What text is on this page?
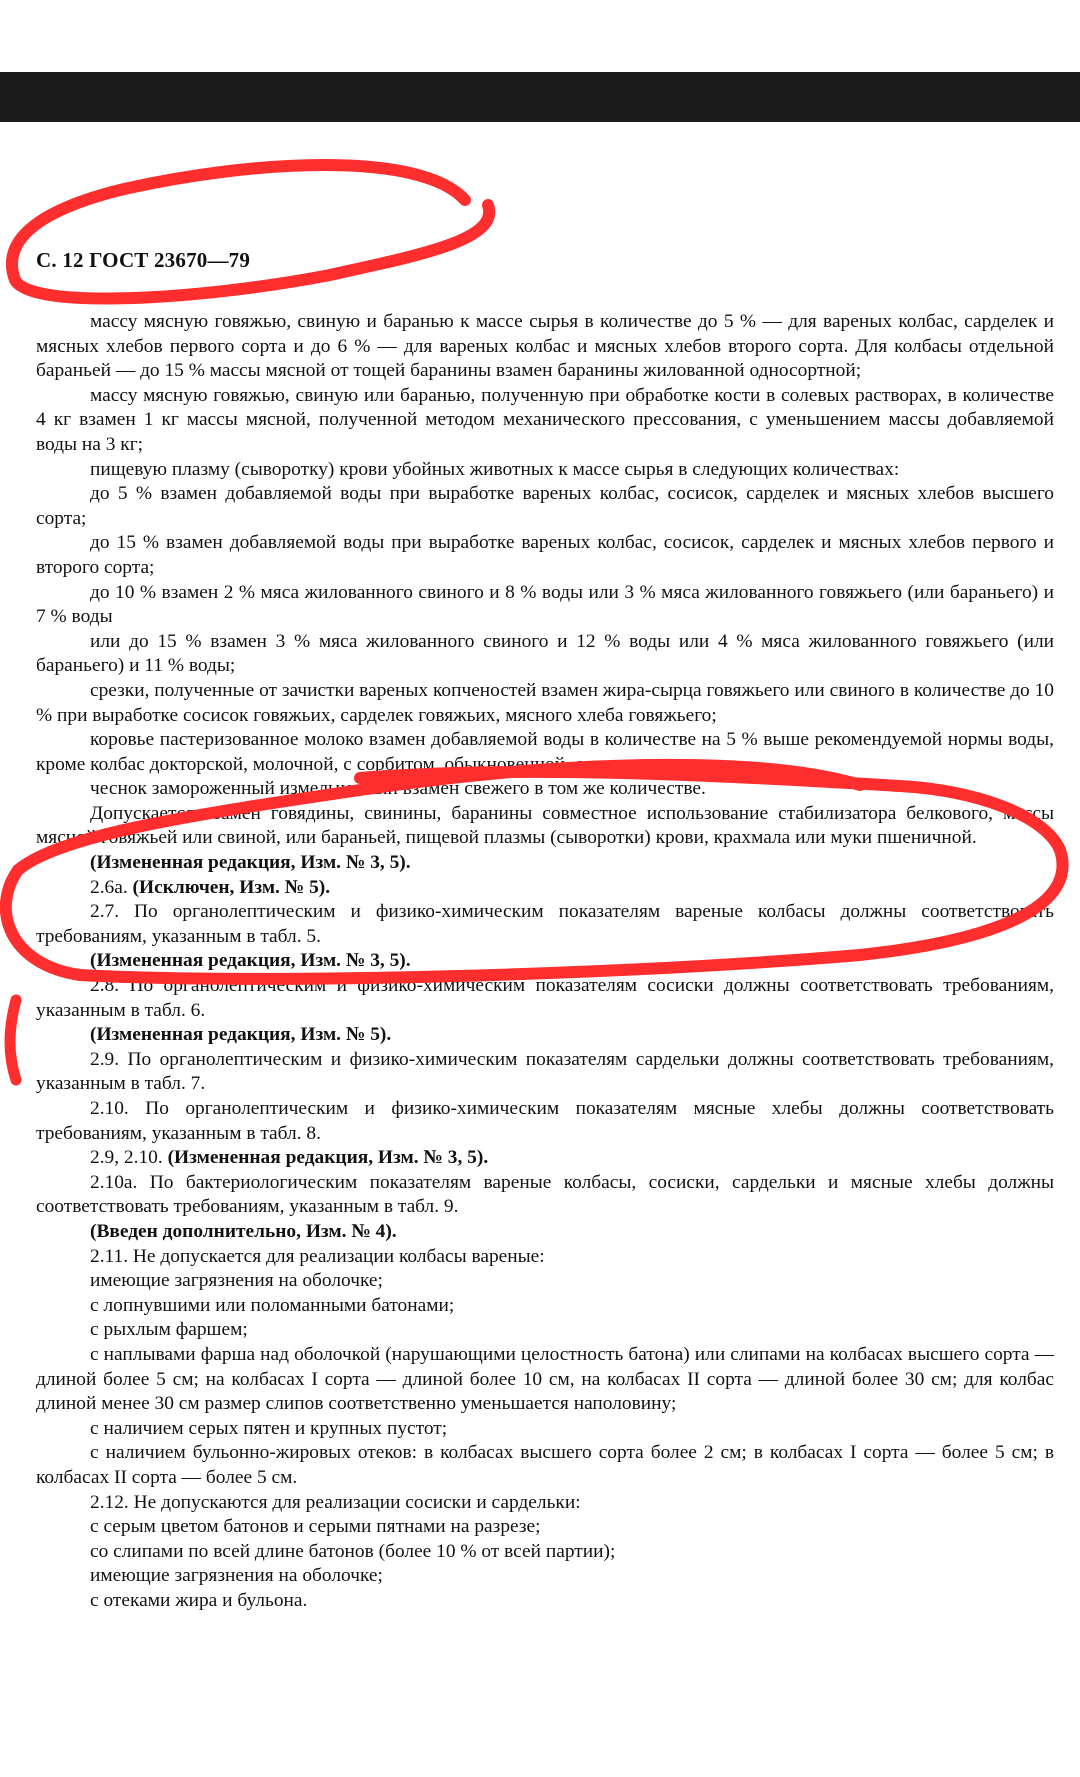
С. 12 ГОСТ 23670—79

массу мясную говяжью, свиную и баранью к массе сырья в количестве до 5 % — для вареных колбас, сарделек и мясных хлебов первого сорта и до 6 % — для вареных колбас и мясных хлебов второго сорта. Для колбасы отдельной бараньей — до 15 % массы мясной от тощей баранины взамен баранины жилованной односортной;

массу мясную говяжью, свиную или баранью, полученную при обработке кости в солевых растворах, в количестве 4 кг взамен 1 кг массы мясной, полученной методом механического прессования, с уменьшением массы добавляемой воды на 3 кг;

пищевую плазму (сыворотку) крови убойных животных к массе сырья в следующих количествах:

до 5 % взамен добавляемой воды при выработке вареных колбас, сосисок, сарделек и мясных хлебов высшего сорта;

до 15 % взамен добавляемой воды при выработке вареных колбас, сосисок, сарделек и мясных хлебов первого и второго сорта;

до 10 % взамен 2 % мяса жилованного свиного и 8 % воды или 3 % мяса жилованного говяжьего (или бараньего) и 7 % воды

или до 15 % взамен 3 % мяса жилованного свиного и 12 % воды или 4 % мяса жилованного говяжьего (или бараньего) и 11 % воды;

срезки, полученные от зачистки вареных копченостей взамен жира-сырца говяжьего или свиного в количестве до 10 % при выработке сосисок говяжьих, сарделек говяжьих, мясного хлеба говяжьего;

коровье пастеризованное молоко взамен добавляемой воды в количестве на 5 % выше рекомендуемой нормы воды, кроме колбас докторской, молочной, с сорбитом, обыкновенной, сосисок молочных;

чеснок замороженный измельченный взамен свежего в том же количестве.

Допускается взамен говядины, свинины, баранины совместное использование стабилизатора белкового, массы мясной говяжьей или свиной, или бараньей, пищевой плазмы (сыворотки) крови, крахмала или муки пшеничной.

(Измененная редакция, Изм. № 3, 5).

2.6а. (Исключен, Изм. № 5).

2.7. По органолептическим и физико-химическим показателям вареные колбасы должны соответствовать требованиям, указанным в табл. 5.

(Измененная редакция, Изм. № 3, 5).

2.8. По органолептическим и физико-химическим показателям сосиски должны соответствовать требованиям, указанным в табл. 6.

(Измененная редакция, Изм. № 5).

2.9. По органолептическим и физико-химическим показателям сардельки должны соответствовать требованиям, указанным в табл. 7.

2.10. По органолептическим и физико-химическим показателям мясные хлебы должны соответствовать требованиям, указанным в табл. 8.

2.9, 2.10. (Измененная редакция, Изм. № 3, 5).

2.10а. По бактериологическим показателям вареные колбасы, сосиски, сардельки и мясные хлебы должны соответствовать требованиям, указанным в табл. 9.

(Введен дополнительно, Изм. № 4).

2.11. Не допускается для реализации колбасы вареные:

имеющие загрязнения на оболочке;

с лопнувшими или поломанными батонами;

с рыхлым фаршем;

с наплывами фарша над оболочкой (нарушающими целостность батона) или слипами на колбасах высшего сорта — длиной более 5 см; на колбасах I сорта — длиной более 10 см, на колбасах II сорта — длиной более 30 см; для колбас длиной менее 30 см размер слипов соответственно уменьшается наполовину;

с наличием серых пятен и крупных пустот;

с наличием бульонно-жировых отеков: в колбасах высшего сорта более 2 см; в колбасах I сорта — более 5 см; в колбасах II сорта — более 5 см.

2.12. Не допускаются для реализации сосиски и сардельки:

с серым цветом батонов и серыми пятнами на разрезе;

со слипами по всей длине батонов (более 10 % от всей партии);

имеющие загрязнения на оболочке;

с отеками жира и бульона.
